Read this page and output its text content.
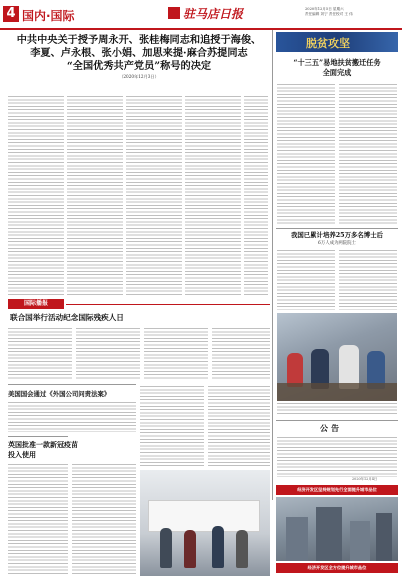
4 国内·国际	驻马店日报	2020年12月5日 星期六
责任编辑 刘宁 责任校对 王 伟
中共中央关于授予周永开、张桂梅同志和追授于海俊、
李夏、卢永根、张小娟、加思来提·麻合苏提同志
“全国优秀共产党员”称号的决定
（2020年12月3日）
脱贫攻坚
“十三五”易地扶贫搬迁任务
全面完成
我国已累计培养25万多名博士后
6万人成为两院院士
国际播报
联合国举行活动纪念国际残疾人日
美国国会通过《外国公司问责法案》
英国批准一款新冠疫苗
投入使用
公告
2020年12月4日
经济开发区坚持规划先行全面提升城市品位
经济开发区全方位提升城市品位
